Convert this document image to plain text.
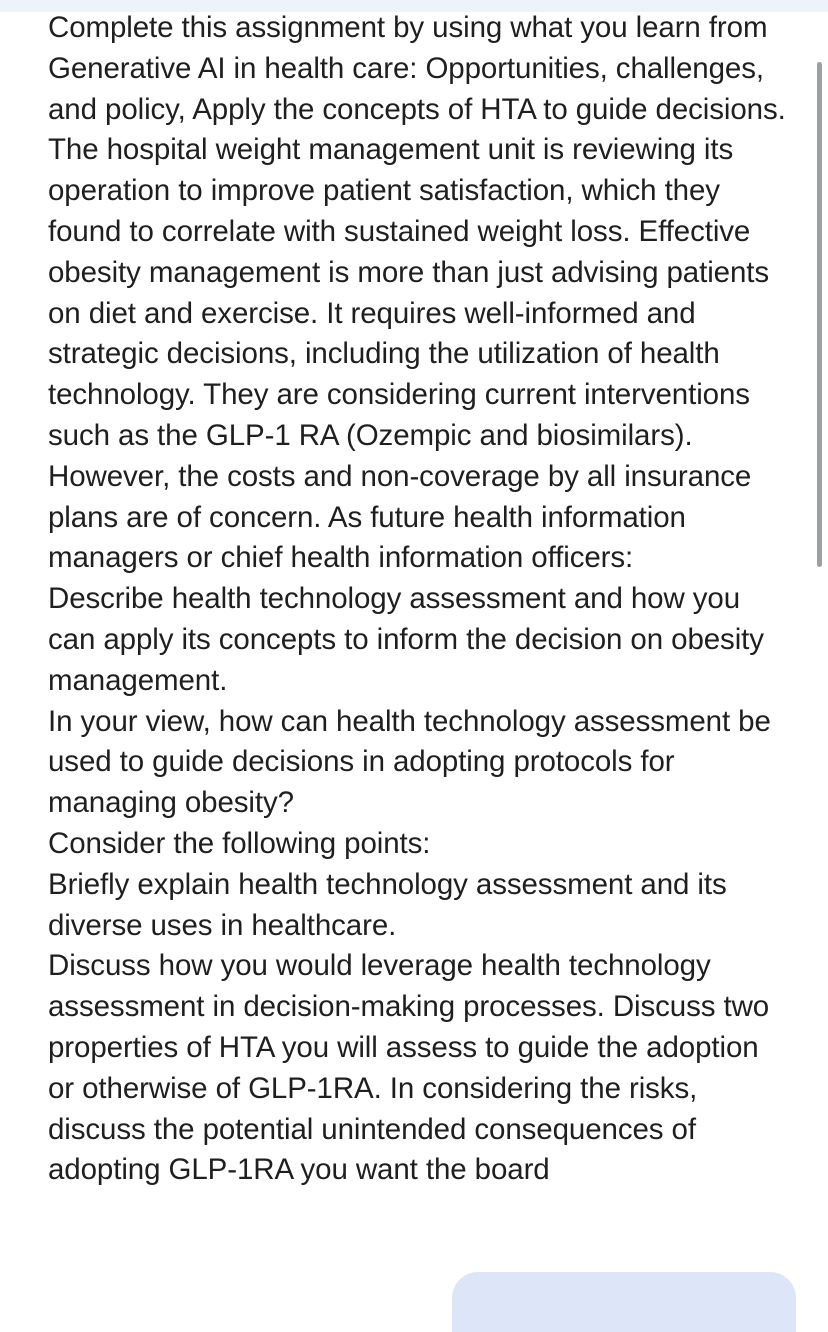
Complete this assignment by using what you learn from Generative AI in health care: Opportunities, challenges, and policy, Apply the concepts of HTA to guide decisions.

The hospital weight management unit is reviewing its operation to improve patient satisfaction, which they found to correlate with sustained weight loss. Effective obesity management is more than just advising patients on diet and exercise. It requires well-informed and strategic decisions, including the utilization of health technology. They are considering current interventions such as the GLP-1 RA (Ozempic and biosimilars). However, the costs and non-coverage by all insurance plans are of concern. As future health information managers or chief health information officers:

Describe health technology assessment and how you can apply its concepts to inform the decision on obesity management.

In your view, how can health technology assessment be used to guide decisions in adopting protocols for managing obesity?

Consider the following points:

Briefly explain health technology assessment and its diverse uses in healthcare.

Discuss how you would leverage health technology assessment in decision-making processes. Discuss two properties of HTA you will assess to guide the adoption or otherwise of GLP-1RA. In considering the risks, discuss the potential unintended consequences of adopting GLP-1RA you want the board
